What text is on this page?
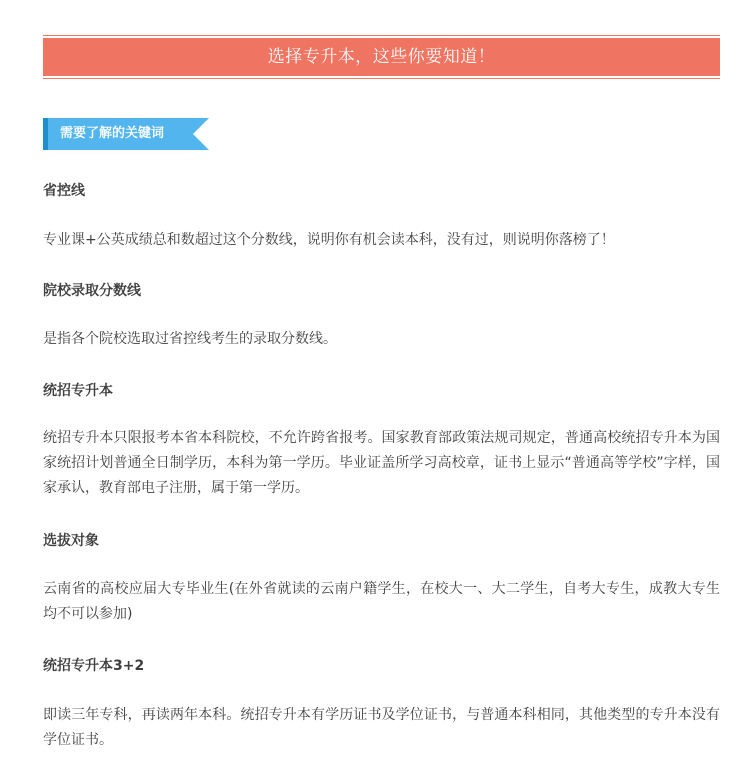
选择专升本，这些你要知道！
需要了解的关键词
省控线
专业课+公英成绩总和数超过这个分数线，说明你有机会读本科，没有过，则说明你落榜了！
院校录取分数线
是指各个院校选取过省控线考生的录取分数线。
统招专升本
统招专升本只限报考本省本科院校，不允许跨省报考。国家教育部政策法规司规定，普通高校统招专升本为国家统招计划普通全日制学历，本科为第一学历。毕业证盖所学习高校章，证书上显示“普通高等学校”字样，国家承认，教育部电子注册，属于第一学历。
选拔对象
云南省的高校应届大专毕业生(在外省就读的云南户籍学生，在校大一、大二学生，自考大专生，成教大专生均不可以参加)
统招专升本3+2
即读三年专科，再读两年本科。统招专升本有学历证书及学位证书，与普通本科相同，其他类型的专升本没有学位证书。
